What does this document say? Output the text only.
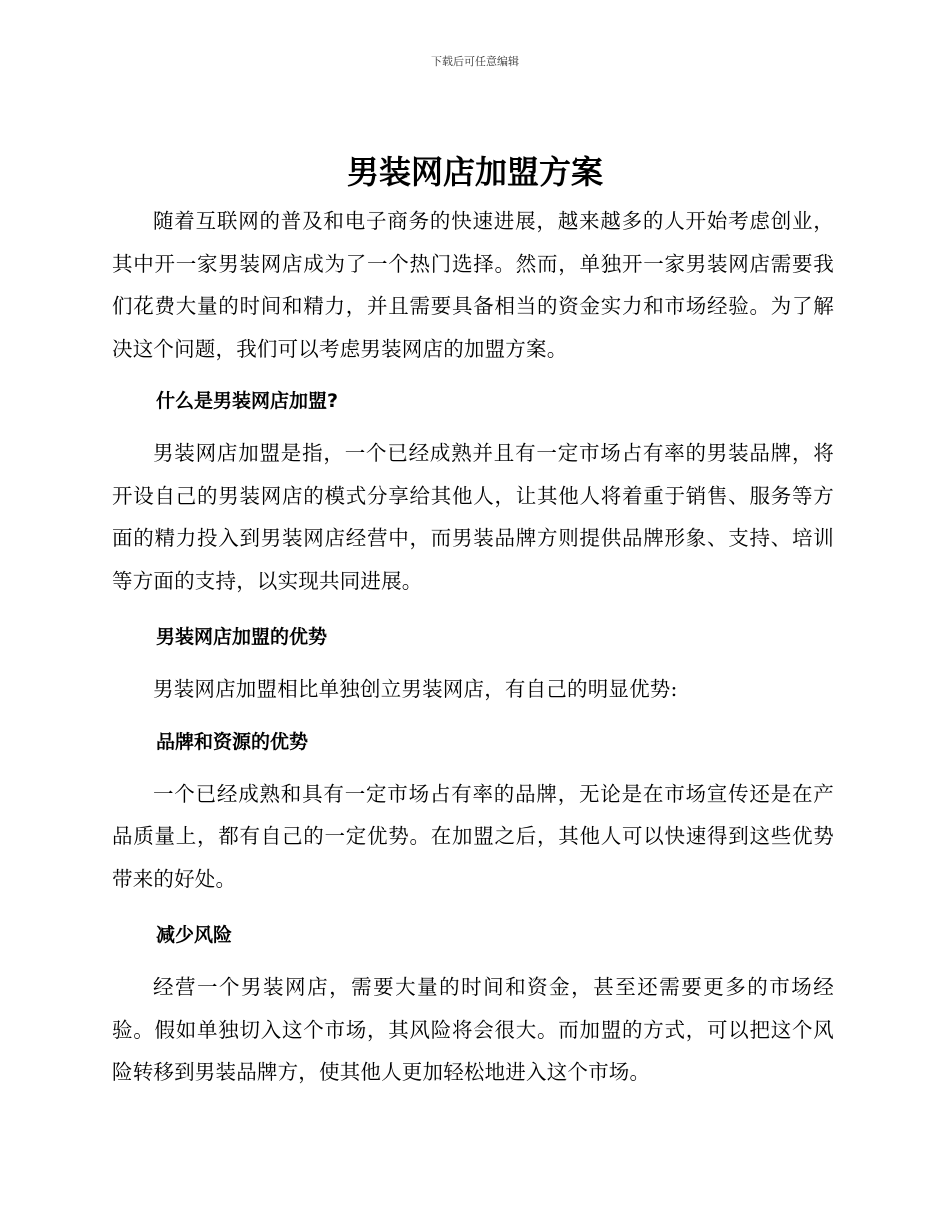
下载后可任意编辑
男装网店加盟方案

随着互联网的普及和电子商务的快速进展，越来越多的人开始考虑创业，其中开一家男装网店成为了一个热门选择。然而，单独开一家男装网店需要我们花费大量的时间和精力，并且需要具备相当的资金实力和市场经验。为了解决这个问题，我们可以考虑男装网店的加盟方案。

什么是男装网店加盟?

男装网店加盟是指，一个已经成熟并且有一定市场占有率的男装品牌，将开设自己的男装网店的模式分享给其他人，让其他人将着重于销售、服务等方面的精力投入到男装网店经营中，而男装品牌方则提供品牌形象、支持、培训等方面的支持，以实现共同进展。

男装网店加盟的优势

男装网店加盟相比单独创立男装网店，有自己的明显优势:

品牌和资源的优势

一个已经成熟和具有一定市场占有率的品牌，无论是在市场宣传还是在产品质量上，都有自己的一定优势。在加盟之后，其他人可以快速得到这些优势带来的好处。

减少风险

经营一个男装网店，需要大量的时间和资金，甚至还需要更多的市场经验。假如单独切入这个市场，其风险将会很大。而加盟的方式，可以把这个风险转移到男装品牌方，使其他人更加轻松地进入这个市场。
